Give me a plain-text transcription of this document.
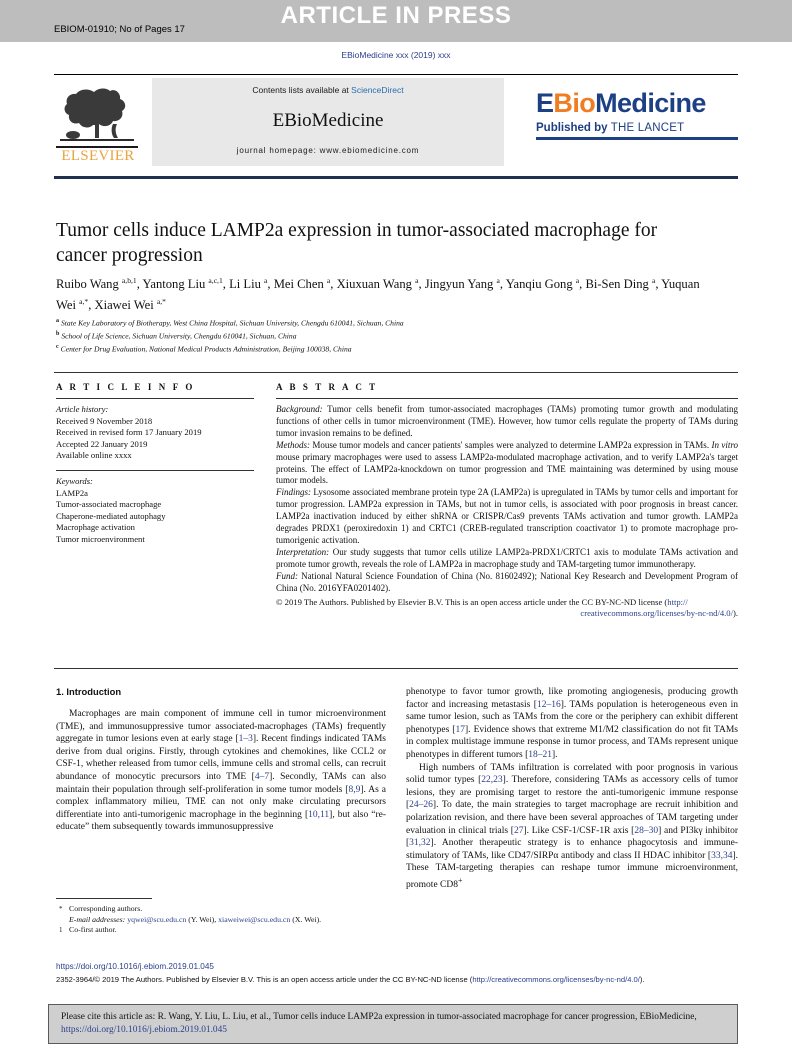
ARTICLE IN PRESS
EBIOM-01910; No of Pages 17
EBioMedicine xxx (2019) xxx
ELSEVIER
Contents lists available at ScienceDirect
EBioMedicine
journal homepage: www.ebiomedicine.com
EBioMedicine
Published by THE LANCET
Tumor cells induce LAMP2a expression in tumor-associated macrophage for cancer progression
Ruibo Wang $^{a,b,1}$, Yantong Liu $^{a,c,1}$, Li Liu $^a$, Mei Chen $^a$, Xiuxuan Wang $^a$, Jingyun Yang $^a$, Yanqiu Gong $^a$, Bi-Sen Ding $^a$, Yuquan Wei $^{a,*}$, Xiawei Wei $^{a,*}$
$^a$ State Key Laboratory of Biotherapy, West China Hospital, Sichuan University, Chengdu 610041, Sichuan, China
$^b$ School of Life Science, Sichuan University, Chengdu 610041, Sichuan, China
$^c$ Center for Drug Evaluation, National Medical Products Administration, Beijing 100038, China
A R T I C L E I N F O
Article history:
Received 9 November 2018
Received in revised form 17 January 2019
Accepted 22 January 2019
Available online xxxx
Keywords:
LAMP2a
Tumor-associated macrophage
Chaperone-mediated autophagy
Macrophage activation
Tumor microenvironment
A B S T R A C T

Background: Tumor cells benefit from tumor-associated macrophages (TAMs) promoting tumor growth and modulating functions of other cells in tumor microenvironment (TME). However, how tumor cells regulate the property of TAMs during tumor invasion remains to be defined.

Methods: Mouse tumor models and cancer patients' samples were analyzed to determine LAMP2a expression in TAMs. In vitro mouse primary macrophages were used to assess LAMP2a-modulated macrophage activation, and to verify LAMP2a's target proteins. The effect of LAMP2a-knockdown on tumor progression and TME maintaining was determined by using mouse tumor models.

Findings: Lysosome associated membrane protein type 2A (LAMP2a) is upregulated in TAMs by tumor cells and important for tumor progression. LAMP2a expression in TAMs, but not in tumor cells, is associated with poor prognosis in breast cancer. LAMP2a inactivation induced by either shRNA or CRISPR/Cas9 prevents TAMs activation and tumor growth. LAMP2a degrades PRDX1 (peroxiredoxin 1) and CRTC1 (CREB-regulated transcription coactivator 1) to promote macrophage pro-tumorigenic activation.

Interpretation: Our study suggests that tumor cells utilize LAMP2a-PRDX1/CRTC1 axis to modulate TAMs activation and promote tumor growth, reveals the role of LAMP2a in macrophage study and TAM-targeting tumor immunotherapy.

Fund: National Natural Science Foundation of China (No. 81602492); National Key Research and Development Program of China (No. 2016YFA0201402).

© 2019 The Authors. Published by Elsevier B.V. This is an open access article under the CC BY-NC-ND license (http://
creativecommons.org/licenses/by-nc-nd/4.0/).
1. Introduction

Macrophages are main component of immune cell in tumor microenvironment (TME), and immunosuppressive tumor associated-macrophages (TAMs) frequently aggregate in tumor lesions even at early stage [1–3]. Recent findings indicated TAMs derive from dual origins. Firstly, through cytokines and chemokines, like CCL2 or CSF-1, whether released from tumor cells, immune cells and stromal cells, can recruit abundance of monocytic precursors into TME [4–7]. Secondly, TAMs can also maintain their population through self-proliferation in some tumor models [8,9]. As a complex inflammatory milieu, TME can not only make circulating precursors differentiate into anti-tumorigenic macrophage in the beginning [10,11], but also “re-educate” them subsequently towards immunosuppressive

phenotype to favor tumor growth, like promoting angiogenesis, producing growth factor and increasing metastasis [12–16]. TAMs population is heterogeneous even in same tumor lesion, such as TAMs from the core or the periphery can exhibit different phenotypes [17]. Evidence shows that extreme M1/M2 classification do not fit TAMs in complex multistage immune response in tumor process, and TAMs represent unique phenotypes in different tumors [18–21].

High numbers of TAMs infiltration is correlated with poor prognosis in various solid tumor types [22,23]. Therefore, considering TAMs as accessory cells of tumor lesions, they are promising target to restore the anti-tumorigenic immune response [24–26]. To date, the main strategies to target macrophage are recruit inhibition and polarization revision, and there have been several approaches of TAM targeting under evaluation in clinical trials [27]. Like CSF-1/CSF-1R axis [28–30] and PI3kγ inhibitor [31,32]. Another therapeutic strategy is to enhance phagocytosis and immune-stimulatory of TAMs, like CD47/SIRPα antibody and class II HDAC inhibitor [33,34]. These TAM-targeting therapies can reshape tumor immune microenvironment, promote CD8+

* Corresponding authors.
E-mail addresses: yqwei@scu.edu.cn (Y. Wei), xiaweiwei@scu.edu.cn (X. Wei).
1 Co-first author.
https://doi.org/10.1016/j.ebiom.2019.01.045
2352-3964/© 2019 The Authors. Published by Elsevier B.V. This is an open access article under the CC BY-NC-ND license (http://creativecommons.org/licenses/by-nc-nd/4.0/).
Please cite this article as: R. Wang, Y. Liu, L. Liu, et al., Tumor cells induce LAMP2a expression in tumor-associated macrophage for cancer progression, EBioMedicine, https://doi.org/10.1016/j.ebiom.2019.01.045
